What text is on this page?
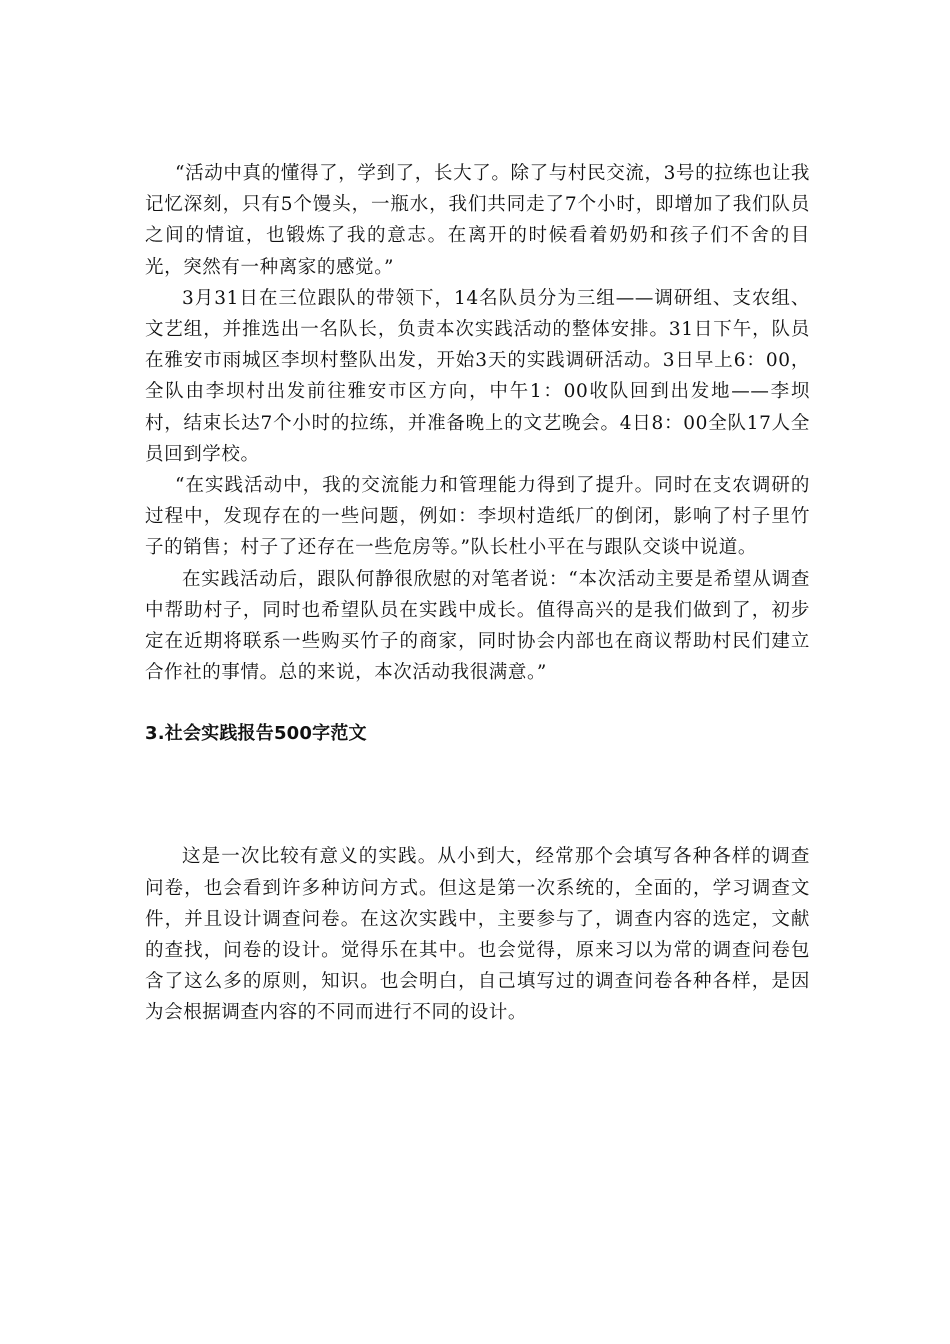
“活动中真的懂得了，学到了，长大了。除了与村民交流，3号的拉练也让我记忆深刻，只有5个馒头，一瓶水，我们共同走了7个小时，即增加了我们队员之间的情谊，也锻炼了我的意志。在离开的时候看着奶奶和孩子们不舍的目光，突然有一种离家的感觉。”

3月31日在三位跟队的带领下，14名队员分为三组——调研组、支农组、文艺组，并推选出一名队长，负责本次实践活动的整体安排。31日下午，队员在雅安市雨城区李坝村整队出发，开始3天的实践调研活动。3日早上6：00，全队由李坝村出发前往雅安市区方向，中午1：00收队回到出发地——李坝村，结束长达7个小时的拉练，并准备晚上的文艺晚会。4日8：00全队17人全员回到学校。

“在实践活动中，我的交流能力和管理能力得到了提升。同时在支农调研的过程中，发现存在的一些问题，例如：李坝村造纸厂的倒闭，影响了村子里竹子的销售；村子了还存在一些危房等。”队长杜小平在与跟队交谈中说道。

在实践活动后，跟队何静很欣慰的对笔者说：“本次活动主要是希望从调查中帮助村子，同时也希望队员在实践中成长。值得高兴的是我们做到了，初步定在近期将联系一些购买竹子的商家，同时协会内部也在商议帮助村民们建立合作社的事情。总的来说，本次活动我很满意。”

3.社会实践报告500字范文

这是一次比较有意义的实践。从小到大，经常那个会填写各种各样的调查问卷，也会看到许多种访问方式。但这是第一次系统的，全面的，学习调查文件，并且设计调查问卷。在这次实践中，主要参与了，调查内容的选定，文献的查找，问卷的设计。觉得乐在其中。也会觉得，原来习以为常的调查问卷包含了这么多的原则，知识。也会明白，自己填写过的调查问卷各种各样，是因为会根据调查内容的不同而进行不同的设计。
